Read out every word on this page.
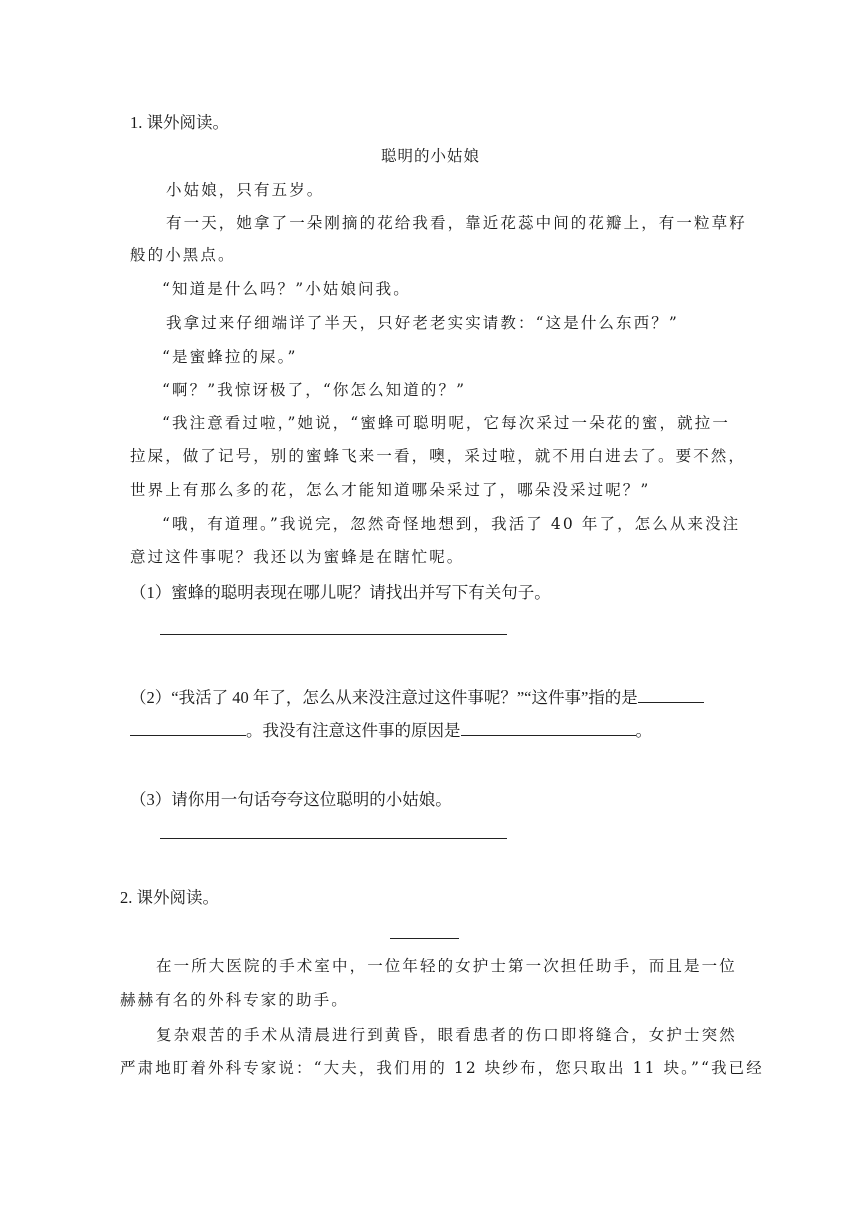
1. 课外阅读。
聪明的小姑娘
小姑娘，只有五岁。
有一天，她拿了一朵刚摘的花给我看，靠近花蕊中间的花瓣上，有一粒草籽
般的小黑点。
“知道是什么吗？”小姑娘问我。
我拿过来仔细端详了半天，只好老老实实请教：“这是什么东西？”
“是蜜蜂拉的屎。”
“啊？”我惊讶极了，“你怎么知道的？”
“我注意看过啦，”她说，“蜜蜂可聪明呢，它每次采过一朵花的蜜，就拉一
拉屎，做了记号，别的蜜蜂飞来一看，噢，采过啦，就不用白进去了。要不然，
世界上有那么多的花，怎么才能知道哪朵采过了，哪朵没采过呢？”
“哦，有道理。”我说完，忽然奇怪地想到，我活了 40 年了，怎么从来没注
意过这件事呢？我还以为蜜蜂是在瞎忙呢。
（1）蜜蜂的聪明表现在哪儿呢？请找出并写下有关句子。
（2）“我活了 40 年了，怎么从来没注意过这件事呢？”“这件事”指的是
。我没有注意这件事的原因是	。
（3）请你用一句话夸夸这位聪明的小姑娘。
2. 课外阅读。
在一所大医院的手术室中，一位年轻的女护士第一次担任助手，而且是一位
赫赫有名的外科专家的助手。
复杂艰苦的手术从清晨进行到黄昏，眼看患者的伤口即将缝合，女护士突然
严肃地盯着外科专家说：“大夫，我们用的 12 块纱布，您只取出 11 块。”“我已经
